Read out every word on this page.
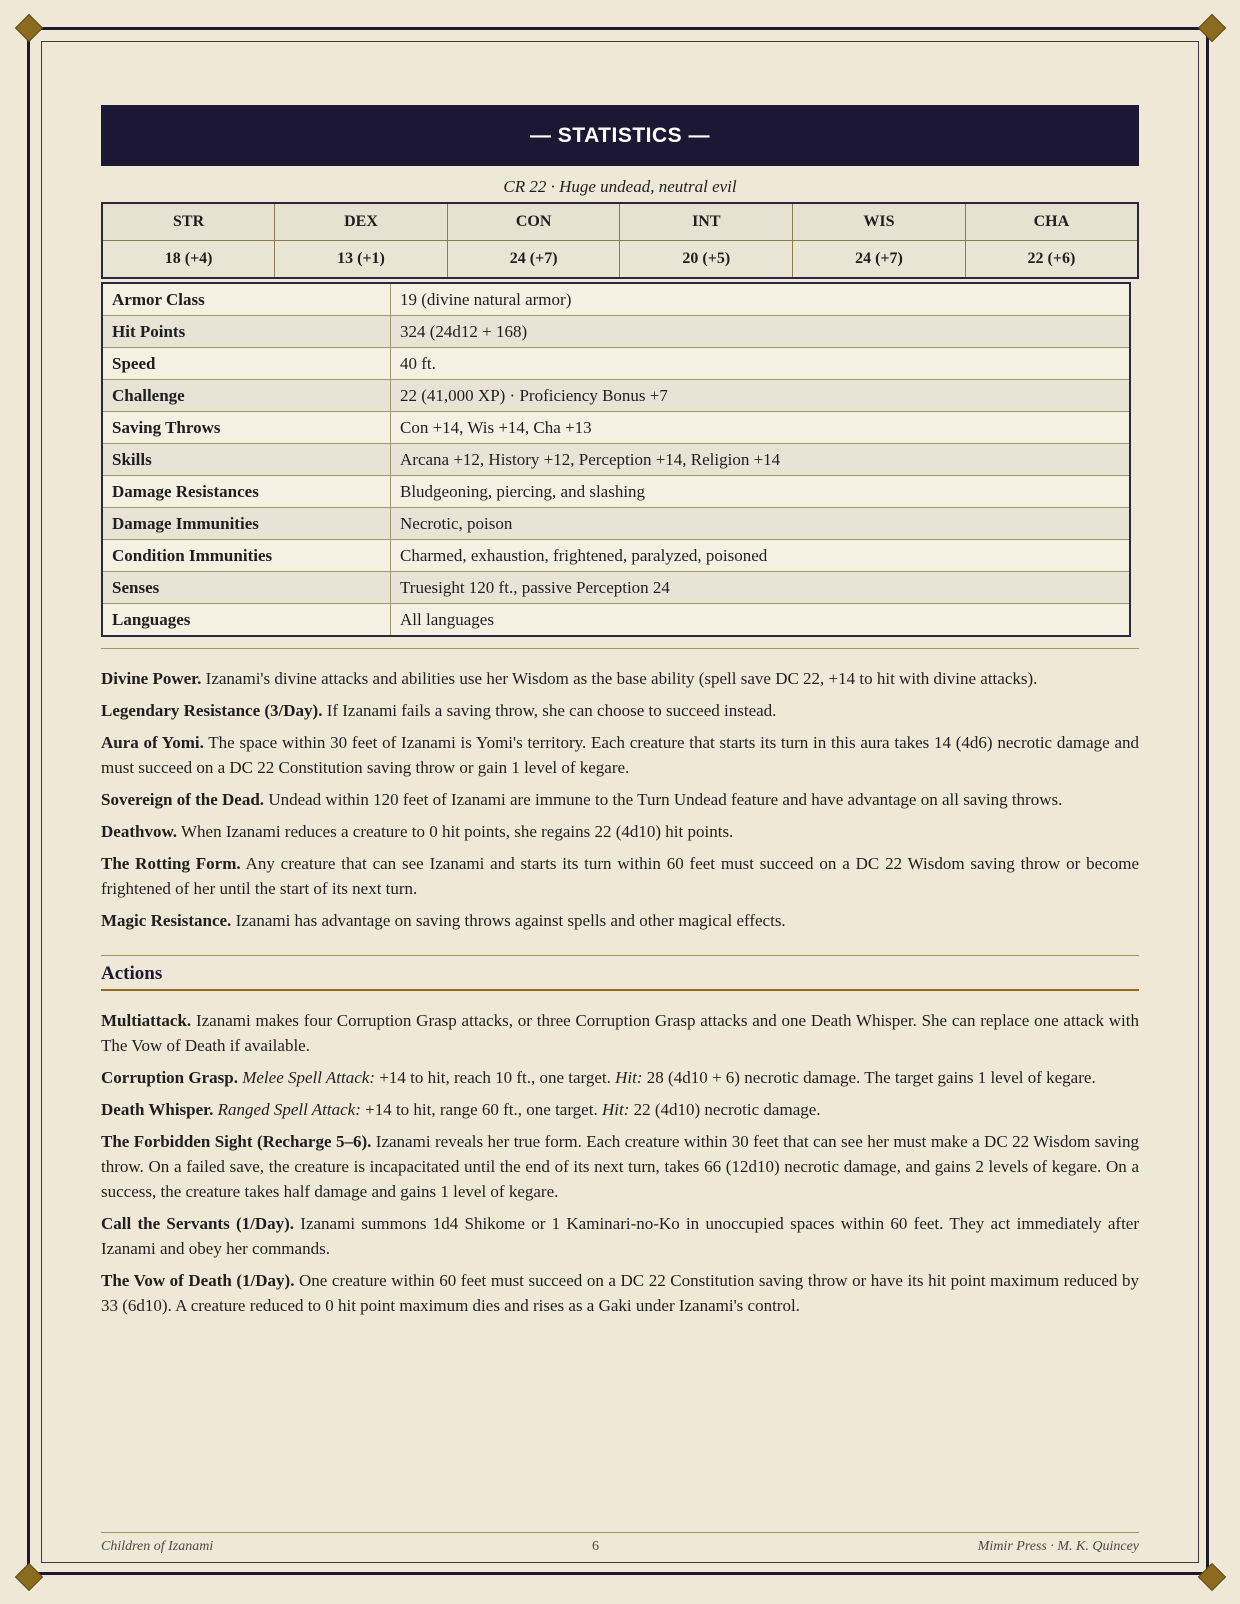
— STATISTICS —
CR 22 · Huge undead, neutral evil
STR	DEX	CON	INT	WIS	CHA
18 (+4)	13 (+1)	24 (+7)	20 (+5)	24 (+7)	22 (+6)
Armor Class	19 (divine natural armor)
Hit Points	324 (24d12 + 168)
Speed	40 ft.
Challenge	22 (41,000 XP) · Proficiency Bonus +7
Saving Throws	Con +14, Wis +14, Cha +13
Skills	Arcana +12, History +12, Perception +14, Religion +14
Damage Resistances	Bludgeoning, piercing, and slashing
Damage Immunities	Necrotic, poison
Condition Immunities	Charmed, exhaustion, frightened, paralyzed, poisoned
Senses	Truesight 120 ft., passive Perception 24
Languages	All languages

Divine Power. Izanami's divine attacks and abilities use her Wisdom as the base ability (spell save DC 22, +14 to hit with divine attacks).

Legendary Resistance (3/Day). If Izanami fails a saving throw, she can choose to succeed instead.

Aura of Yomi. The space within 30 feet of Izanami is Yomi's territory. Each creature that starts its turn in this aura takes 14 (4d6) necrotic damage and must succeed on a DC 22 Constitution saving throw or gain 1 level of kegare.

Sovereign of the Dead. Undead within 120 feet of Izanami are immune to the Turn Undead feature and have advantage on all saving throws.

Deathvow. When Izanami reduces a creature to 0 hit points, she regains 22 (4d10) hit points.

The Rotting Form. Any creature that can see Izanami and starts its turn within 60 feet must succeed on a DC 22 Wisdom saving throw or become frightened of her until the start of its next turn.

Magic Resistance. Izanami has advantage on saving throws against spells and other magical effects.

Actions

Multiattack. Izanami makes four Corruption Grasp attacks, or three Corruption Grasp attacks and one Death Whisper. She can replace one attack with The Vow of Death if available.

Corruption Grasp. Melee Spell Attack: +14 to hit, reach 10 ft., one target. Hit: 28 (4d10 + 6) necrotic damage. The target gains 1 level of kegare.

Death Whisper. Ranged Spell Attack: +14 to hit, range 60 ft., one target. Hit: 22 (4d10) necrotic damage.

The Forbidden Sight (Recharge 5–6). Izanami reveals her true form. Each creature within 30 feet that can see her must make a DC 22 Wisdom saving throw. On a failed save, the creature is incapacitated until the end of its next turn, takes 66 (12d10) necrotic damage, and gains 2 levels of kegare. On a success, the creature takes half damage and gains 1 level of kegare.

Call the Servants (1/Day). Izanami summons 1d4 Shikome or 1 Kaminari-no-Ko in unoccupied spaces within 60 feet. They act immediately after Izanami and obey her commands.

The Vow of Death (1/Day). One creature within 60 feet must succeed on a DC 22 Constitution saving throw or have its hit point maximum reduced by 33 (6d10). A creature reduced to 0 hit point maximum dies and rises as a Gaki under Izanami's control.

Children of Izanami	6	Mimir Press · M. K. Quincey
